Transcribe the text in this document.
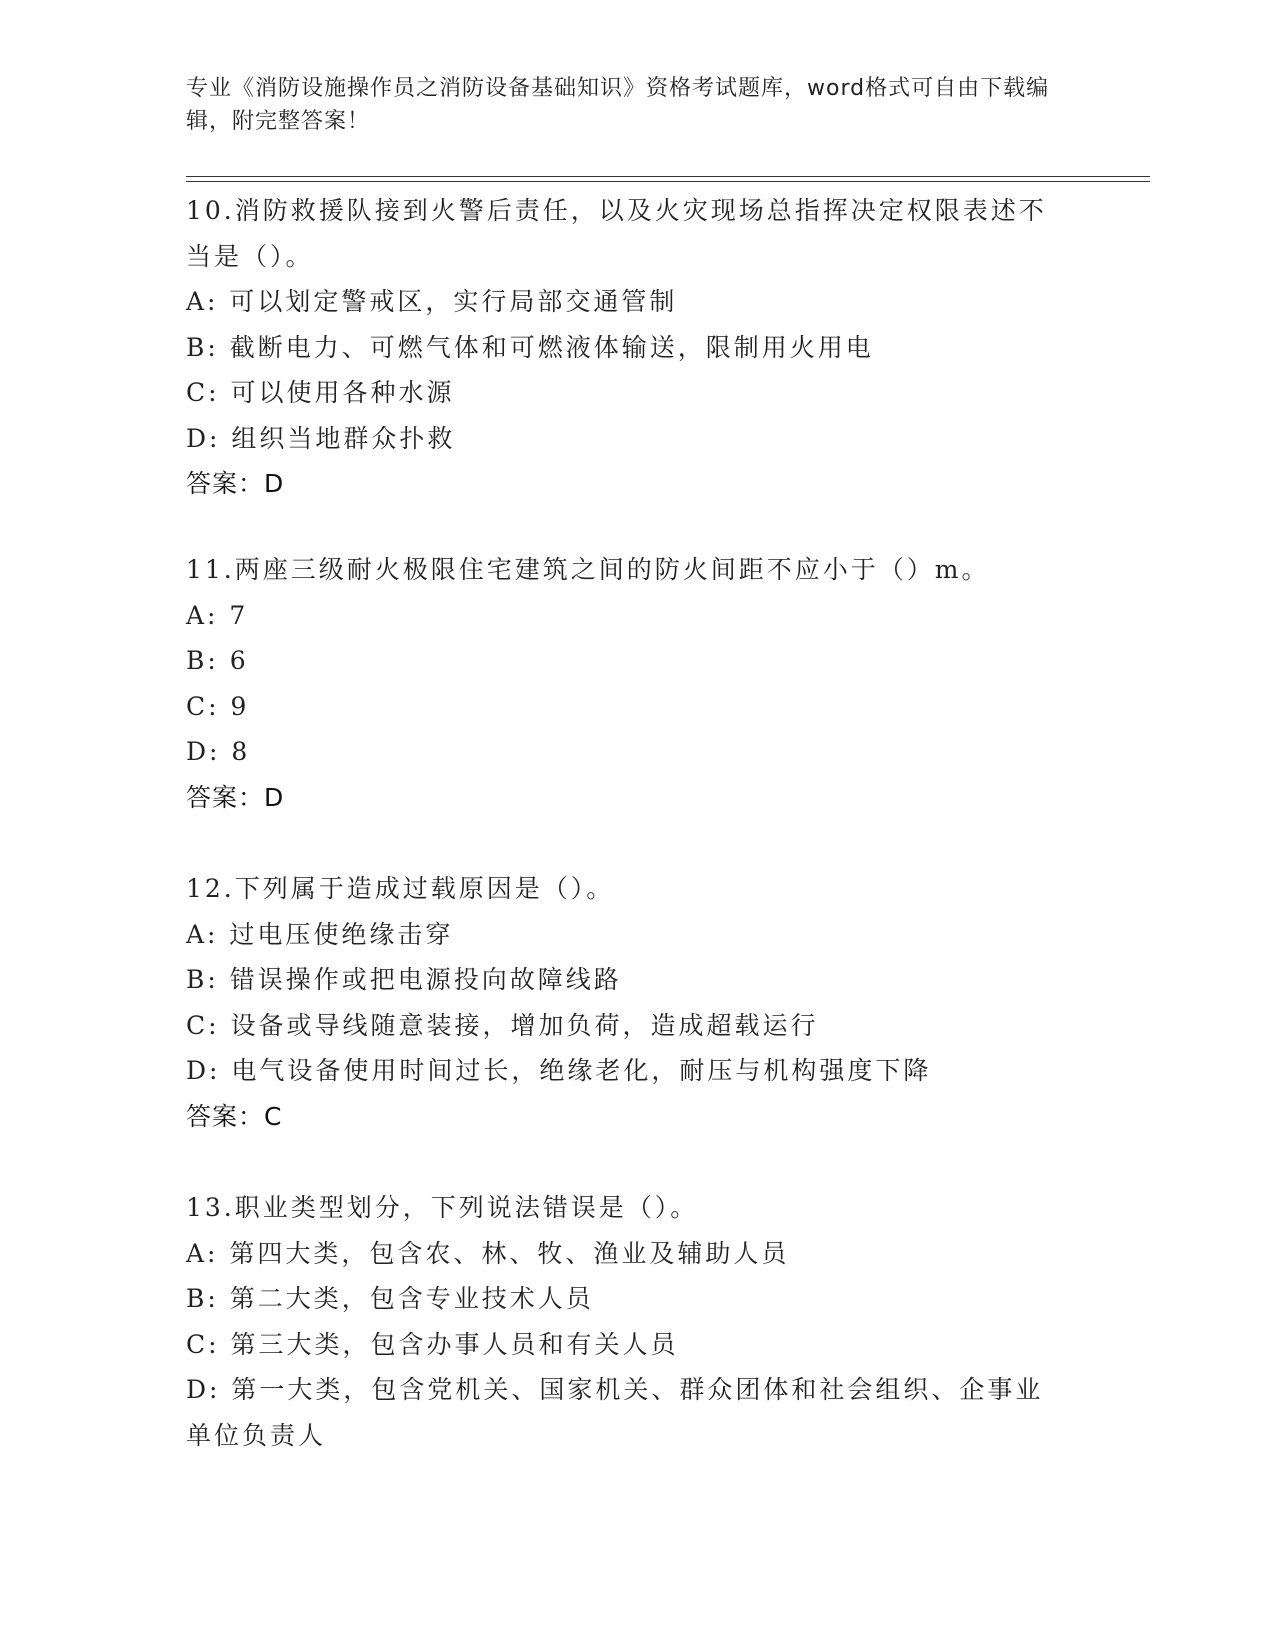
专业《消防设施操作员之消防设备基础知识》资格考试题库，word格式可自由下载编辑，附完整答案！
10.消防救援队接到火警后责任，以及火灾现场总指挥决定权限表述不当是（）。
A: 可以划定警戒区，实行局部交通管制
B: 截断电力、可燃气体和可燃液体输送，限制用火用电
C: 可以使用各种水源
D: 组织当地群众扑救
答案：D
11.两座三级耐火极限住宅建筑之间的防火间距不应小于（）m。
A: 7
B: 6
C: 9
D: 8
答案：D
12.下列属于造成过载原因是（）。
A: 过电压使绝缘击穿
B: 错误操作或把电源投向故障线路
C: 设备或导线随意装接，增加负荷，造成超载运行
D: 电气设备使用时间过长，绝缘老化，耐压与机构强度下降
答案：C
13.职业类型划分，下列说法错误是（）。
A: 第四大类，包含农、林、牧、渔业及辅助人员
B: 第二大类，包含专业技术人员
C: 第三大类，包含办事人员和有关人员
D: 第一大类，包含党机关、国家机关、群众团体和社会组织、企事业单位负责人
